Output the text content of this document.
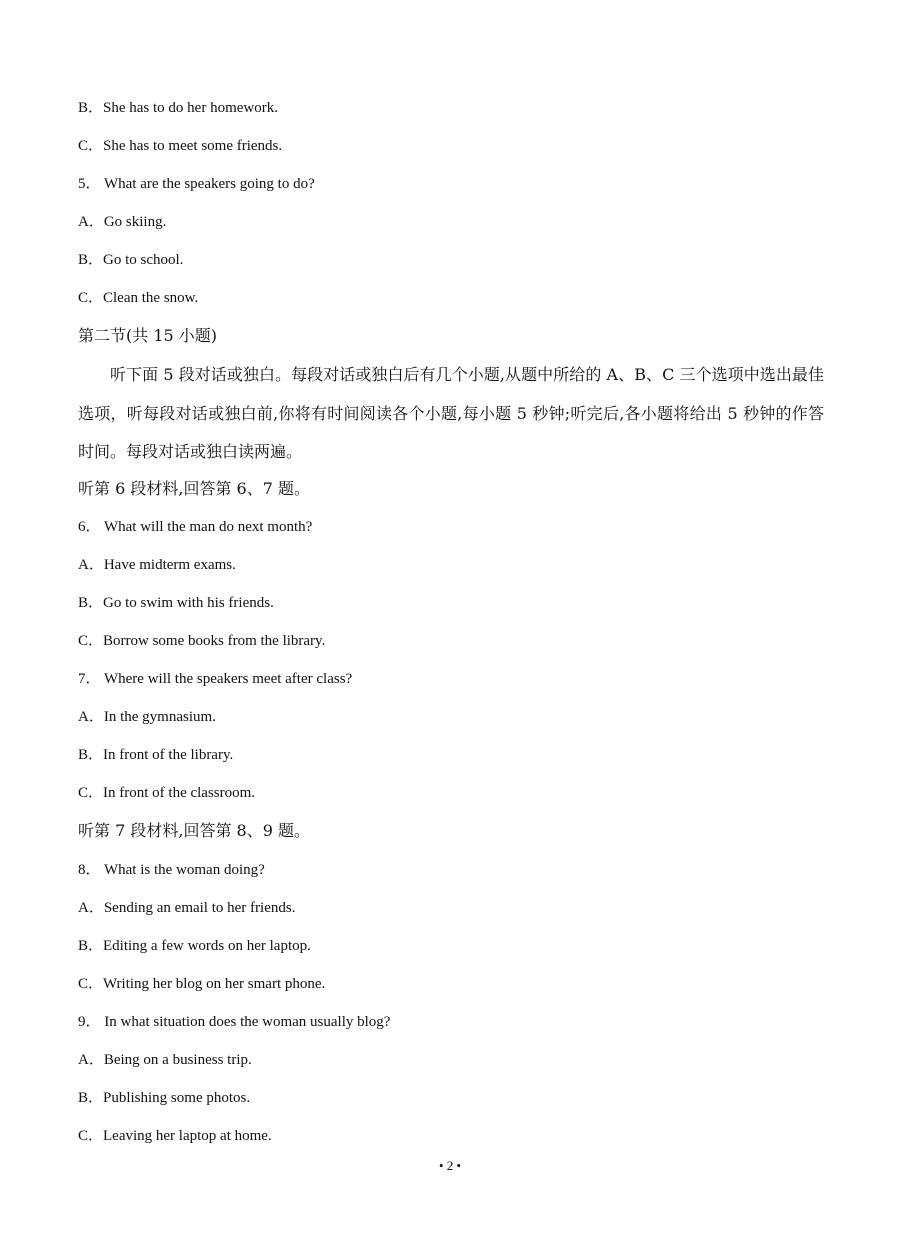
B．She has to do her homework.
C．She has to meet some friends.
5． What are the speakers going to do?
A．Go skiing.
B．Go to school.
C．Clean the snow.
第二节(共 15 小题)
听下面 5 段对话或独白。每段对话或独白后有几个小题,从题中所给的 A、B、C 三个选项中选出最佳选项，听每段对话或独白前,你将有时间阅读各个小题,每小题 5 秒钟;听完后,各小题将给出 5 秒钟的作答时间。每段对话或独白读两遍。
听第 6 段材料,回答第 6、7 题。
6． What will the man do next month?
A．Have midterm exams.
B．Go to swim with his friends.
C．Borrow some books from the library.
7． Where will the speakers meet after class?
A．In the gymnasium.
B．In front of the library.
C．In front of the classroom.
听第 7 段材料,回答第 8、9 题。
8． What is the woman doing?
A．Sending an email to her friends.
B．Editing a few words on her laptop.
C．Writing her blog on her smart phone.
9． In what situation does the woman usually blog?
A．Being on a business trip.
B．Publishing some photos.
C．Leaving her laptop at home.
• 2 •
